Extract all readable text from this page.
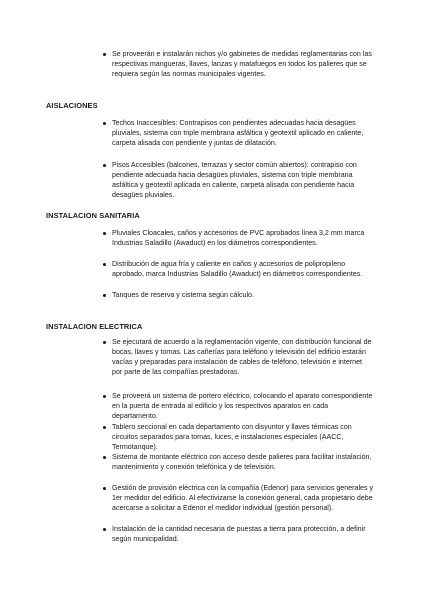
Se proveerán e instalarán nichos y/o gabinetes de medidas reglamentarias con las respectivas mangueras, llaves, lanzas y matafuegos en todos los palieres que se requiera según las normas municipales vigentes.
AISLACIONES
Techos Inaccesibles: Contrapisos con pendientes adecuadas hacia desagües pluviales, sistema con triple membrana asfáltica y geotextil aplicado en caliente, carpeta alisada con pendiente y juntas de dilatación.
Pisos Accesibles (balcones, terrazas y sector común abiertos): contrapiso con pendiente adecuada hacia desagües pluviales, sistema con triple membrana asfáltica y geotextil aplicada en caliente, carpeta alisada con pendiente hacia desagües pluviales.
INSTALACION SANITARIA
Pluviales Cloacales, caños y accesorios de PVC aprobados línea 3,2 mm marca Industrias Saladillo (Awaduct) en los diámetros correspondientes.
Distribución de agua fría y caliente en caños y accesorios de polipropileno aprobado, marca Industrias Saladillo (Awaduct) en diámetros correspondientes.
Tanques de reserva y cisterna según cálculo.
INSTALACION ELECTRICA
Se ejecutará de acuerdo a la reglamentación vigente, con distribución funcional de bocas, llaves y tomas. Las cañerías para teléfono y televisión del edificio estarán vacías y preparadas para instalación de cables de teléfono, televisión e internet por parte de las compañías prestadoras.
Se proveerá un sistema de portero eléctrico, colocando el aparato correspondiente en la puerta de entrada al edificio y los respectivos aparatos en cada departamento.
Tablero seccional en cada departamento con disyuntor y llaves térmicas con circuitos separados para tomas, luces, e instalaciones especiales (AACC, Termotanque).
Sistema de montante eléctrico con acceso desde palieres para facilitar instalación, mantenimiento y conexión telefónica y de televisión.
Gestión de provisión eléctrica con la compañía (Edenor) para servicios generales y 1er medidor del edificio. Al efectivizarse la conexión general, cada propietario debe acercarse a solicitar a Edenor el medidor individual (gestión personal).
Instalación de la cantidad necesaria de puestas a tierra para protección, a definir según municipalidad.
